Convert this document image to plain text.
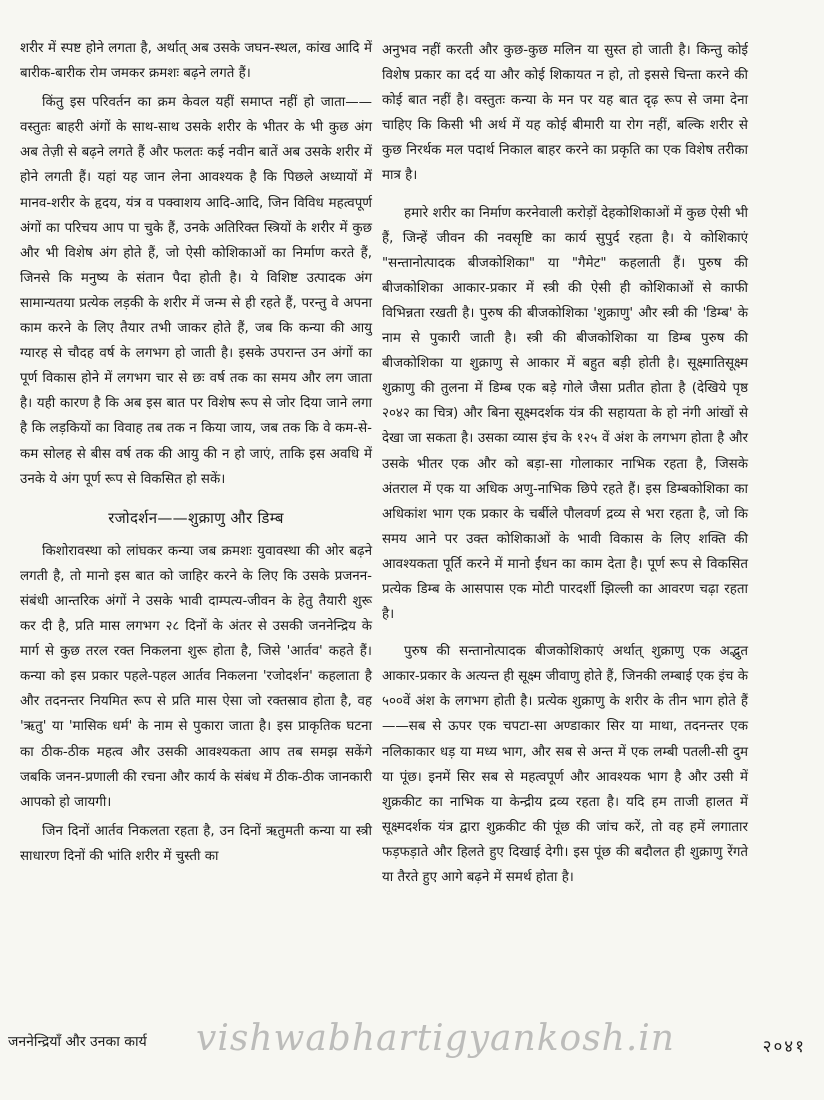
शरीर में स्पष्ट होने लगता है, अर्थात् अब उसके जघन-स्थल, कांख आदि में बारीक-बारीक रोम जमकर क्रमशः बढ़ने लगते हैं।

किंतु इस परिवर्तन का क्रम केवल यहीं समाप्त नहीं हो जाता——वस्तुतः बाहरी अंगों के साथ-साथ उसके शरीर के भीतर के भी कुछ अंग अब तेज़ी से बढ़ने लगते हैं और फलतः कई नवीन बातें अब उसके शरीर में होने लगती हैं। यहां यह जान लेना आवश्यक है कि पिछले अध्यायों में मानव-शरीर के हृदय, यंत्र व पक्वाशय आदि-आदि, जिन विविध महत्वपूर्ण अंगों का परिचय आप पा चुके हैं, उनके अतिरिक्त स्त्रियों के शरीर में कुछ और भी विशेष अंग होते हैं, जो ऐसी कोशिकाओं का निर्माण करते हैं, जिनसे कि मनुष्य के संतान पैदा होती है। ये विशिष्ट उत्पादक अंग सामान्यतया प्रत्येक लड़की के शरीर में जन्म से ही रहते हैं, परन्तु वे अपना काम करने के लिए तैयार तभी जाकर होते हैं, जब कि कन्या की आयु ग्यारह से चौदह वर्ष के लगभग हो जाती है। इसके उपरान्त उन अंगों का पूर्ण विकास होने में लगभग चार से छः वर्ष तक का समय और लग जाता है। यही कारण है कि अब इस बात पर विशेष रूप से जोर दिया जाने लगा है कि लड़कियों का विवाह तब तक न किया जाय, जब तक कि वे कम-से-कम सोलह से बीस वर्ष तक की आयु की न हो जाएं, ताकि इस अवधि में उनके ये अंग पूर्ण रूप से विकसित हो सकें।

रजोदर्शन——शुक्राणु और डिम्ब

किशोरावस्था को लांघकर कन्या जब क्रमशः युवावस्था की ओर बढ़ने लगती है, तो मानो इस बात को जाहिर करने के लिए कि उसके प्रजनन-संबंधी आन्तरिक अंगों ने उसके भावी दाम्पत्य-जीवन के हेतु तैयारी शुरू कर दी है, प्रति मास लगभग २८ दिनों के अंतर से उसकी जननेन्द्रिय के मार्ग से कुछ तरल रक्त निकलना शुरू होता है, जिसे 'आर्तव' कहते हैं। कन्या को इस प्रकार पहले-पहल आर्तव निकलना 'रजोदर्शन' कहलाता है और तदनन्तर नियमित रूप से प्रति मास ऐसा जो रक्तस्राव होता है, वह 'ऋतु' या 'मासिक धर्म' के नाम से पुकारा जाता है। इस प्राकृतिक घटना का ठीक-ठीक महत्व और उसकी आवश्यकता आप तब समझ सकेंगे जबकि जनन-प्रणाली की रचना और कार्य के संबंध में ठीक-ठीक जानकारी आपको हो जायगी।

जिन दिनों आर्तव निकलता रहता है, उन दिनों ऋतुमती कन्या या स्त्री साधारण दिनों की भांति शरीर में चुस्ती का

अनुभव नहीं करती और कुछ-कुछ मलिन या सुस्त हो जाती है। किन्तु कोई विशेष प्रकार का दर्द या और कोई शिकायत न हो, तो इससे चिन्ता करने की कोई बात नहीं है। वस्तुतः कन्या के मन पर यह बात दृढ़ रूप से जमा देना चाहिए कि किसी भी अर्थ में यह कोई बीमारी या रोग नहीं, बल्कि शरीर से कुछ निरर्थक मल पदार्थ निकाल बाहर करने का प्रकृति का एक विशेष तरीका मात्र है।

हमारे शरीर का निर्माण करनेवाली करोड़ों देहकोशिकाओं में कुछ ऐसी भी हैं, जिन्हें जीवन की नवसृष्टि का कार्य सुपुर्द रहता है। ये कोशिकाएं "सन्तानोत्पादक बीजकोशिका" या "गैमेट" कहलाती हैं। पुरुष की बीजकोशिका आकार-प्रकार में स्त्री की ऐसी ही कोशिकाओं से काफी विभिन्नता रखती है। पुरुष की बीजकोशिका 'शुक्राणु' और स्त्री की 'डिम्ब' के नाम से पुकारी जाती है। स्त्री की बीजकोशिका या डिम्ब पुरुष की बीजकोशिका या शुक्राणु से आकार में बहुत बड़ी होती है। सूक्ष्मातिसूक्ष्म शुक्राणु की तुलना में डिम्ब एक बड़े गोले जैसा प्रतीत होता है (देखिये पृष्ठ २०४२ का चित्र) और बिना सूक्ष्मदर्शक यंत्र की सहायता के हो नंगी आंखों से देखा जा सकता है। उसका व्यास इंच के १२५ वें अंश के लगभग होता है और उसके भीतर एक और को बड़ा-सा गोलाकार नाभिक रहता है, जिसके अंतराल में एक या अधिक अणु-नाभिक छिपे रहते हैं। इस डिम्बकोशिका का अधिकांश भाग एक प्रकार के चर्बीले पौलवर्ण द्रव्य से भरा रहता है, जो कि समय आने पर उक्त कोशिकाओं के भावी विकास के लिए शक्ति की आवश्यकता पूर्ति करने में मानो ईंधन का काम देता है। पूर्ण रूप से विकसित प्रत्येक डिम्ब के आसपास एक मोटी पारदर्शी झिल्ली का आवरण चढ़ा रहता है।

पुरुष की सन्तानोत्पादक बीजकोशिकाएं अर्थात् शुक्राणु एक अद्भुत आकार-प्रकार के अत्यन्त ही सूक्ष्म जीवाणु होते हैं, जिनकी लम्बाई एक इंच के ५००वें अंश के लगभग होती है। प्रत्येक शुक्राणु के शरीर के तीन भाग होते हैं——सब से ऊपर एक चपटा-सा अण्डाकार सिर या माथा, तदनन्तर एक नलिकाकार धड़ या मध्य भाग, और सब से अन्त में एक लम्बी पतली-सी दुम या पूंछ। इनमें सिर सब से महत्वपूर्ण और आवश्यक भाग है और उसी में शुक्रकीट का नाभिक या केन्द्रीय द्रव्य रहता है। यदि हम ताजी हालत में सूक्ष्मदर्शक यंत्र द्वारा शुक्रकीट की पूंछ की जांच करें, तो वह हमें लगातार फड़फड़ाते और हिलते हुए दिखाई देगी। इस पूंछ की बदौलत ही शुक्राणु रेंगते या तैरते हुए आगे बढ़ने में समर्थ होता है।

जननेन्द्रियाँ और उनका कार्य vishwabhartigyankosh.in	२०४१
